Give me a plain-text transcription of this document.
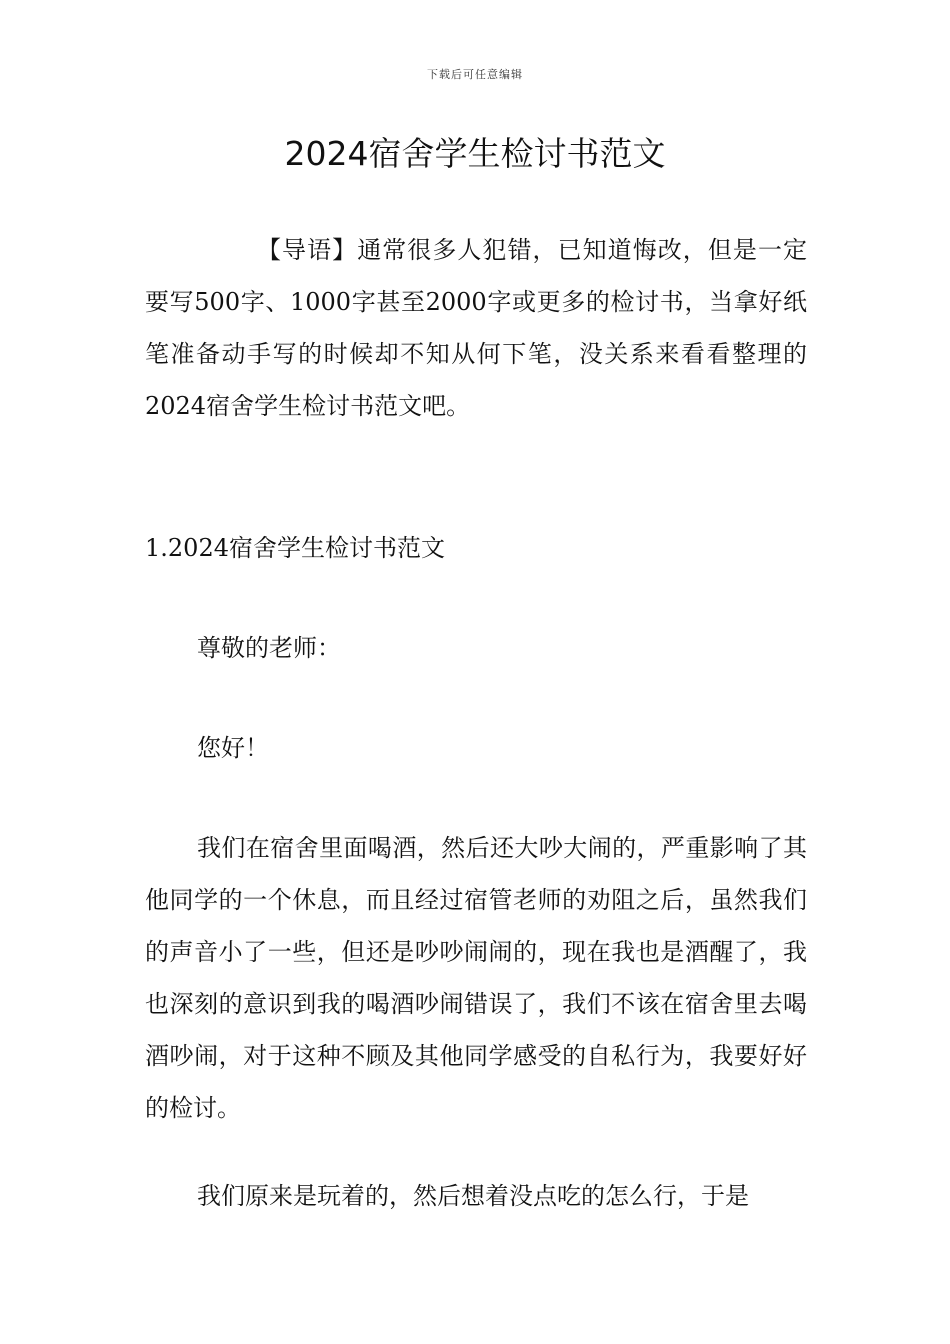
下载后可任意编辑
2024宿舍学生检讨书范文

【导语】通常很多人犯错，已知道悔改，但是一定要写500字、1000字甚至2000字或更多的检讨书，当拿好纸笔准备动手写的时候却不知从何下笔，没关系来看看整理的2024宿舍学生检讨书范文吧。

1.2024宿舍学生检讨书范文

尊敬的老师：

您好！

我们在宿舍里面喝酒，然后还大吵大闹的，严重影响了其他同学的一个休息，而且经过宿管老师的劝阻之后，虽然我们的声音小了一些，但还是吵吵闹闹的，现在我也是酒醒了，我也深刻的意识到我的喝酒吵闹错误了，我们不该在宿舍里去喝酒吵闹，对于这种不顾及其他同学感受的自私行为，我要好好的检讨。

我们原来是玩着的，然后想着没点吃的怎么行，于是
